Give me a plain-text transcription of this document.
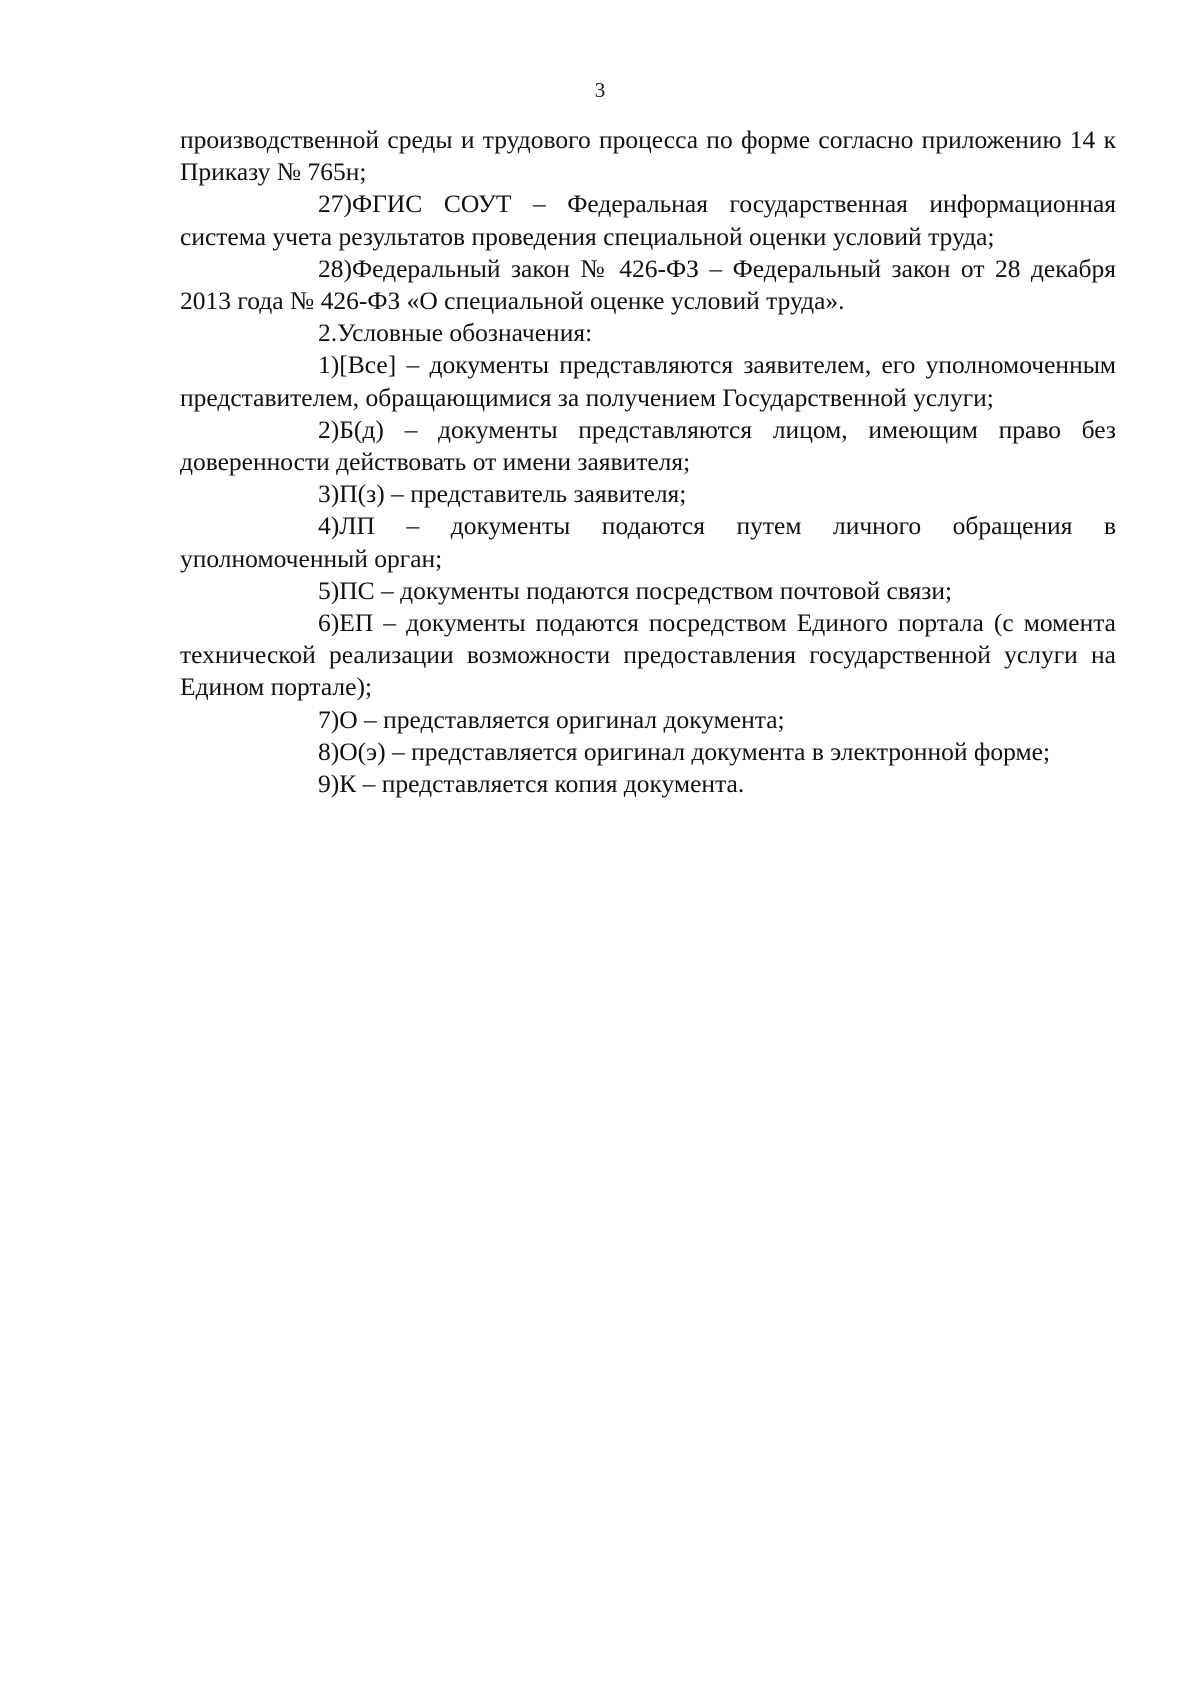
3

производственной среды и трудового процесса по форме согласно приложению 14 к Приказу № 765н;

27)ФГИС СОУТ – Федеральная государственная информационная система учета результатов проведения специальной оценки условий труда;

28)Федеральный закон № 426-ФЗ – Федеральный закон от 28 декабря 2013 года № 426-ФЗ «О специальной оценке условий труда».

2.Условные обозначения:

1)[Все] – документы представляются заявителем, его уполномоченным представителем, обращающимися за получением Государственной услуги;

2)Б(д) – документы представляются лицом, имеющим право без доверенности действовать от имени заявителя;

3)П(з) – представитель заявителя;

4)ЛП – документы подаются путем личного обращения в уполномоченный орган;

5)ПС – документы подаются посредством почтовой связи;

6)ЕП – документы подаются посредством Единого портала (с момента технической реализации возможности предоставления государственной услуги на Едином портале);

7)О – представляется оригинал документа;

8)О(э) – представляется оригинал документа в электронной форме;

9)К – представляется копия документа.
